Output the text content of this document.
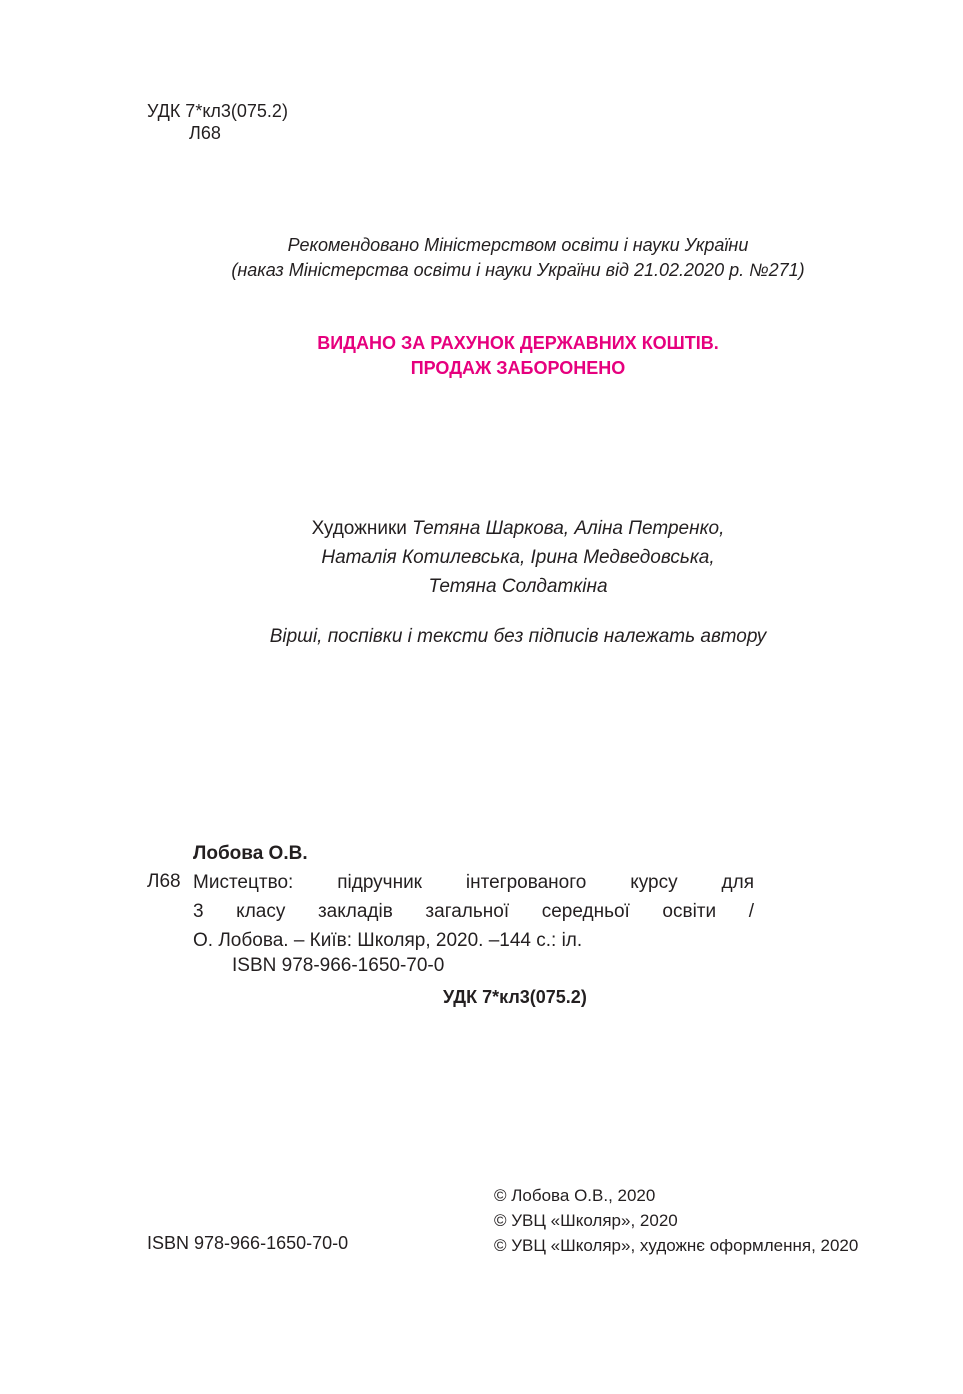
УДК 7*кл3(075.2)
Л68
Рекомендовано Міністерством освіти і науки України
(наказ Міністерства освіти і науки України від 21.02.2020 р. №271)
ВИДАНО ЗА РАХУНОК ДЕРЖАВНИХ КОШТІВ.
ПРОДАЖ ЗАБОРОНЕНО
Художники Тетяна Шаркова, Аліна Петренко,
Наталія Котилевська, Ірина Медведовська,
Тетяна Солдаткіна
Вірші, поспівки і тексти без підписів належать автору
Лобова О.В.
Л68 Мистецтво: підручник інтегрованого курсу для
3 класу закладів загальної середньої освіти /
О. Лобова. – Київ: Школяр, 2020. –144 с.: іл.
ISBN 978-966-1650-70-0
УДК 7*кл3(075.2)
© Лобова О.В., 2020
© УВЦ «Школяр», 2020
© УВЦ «Школяр», художнє оформлення, 2020
ISBN 978-966-1650-70-0
